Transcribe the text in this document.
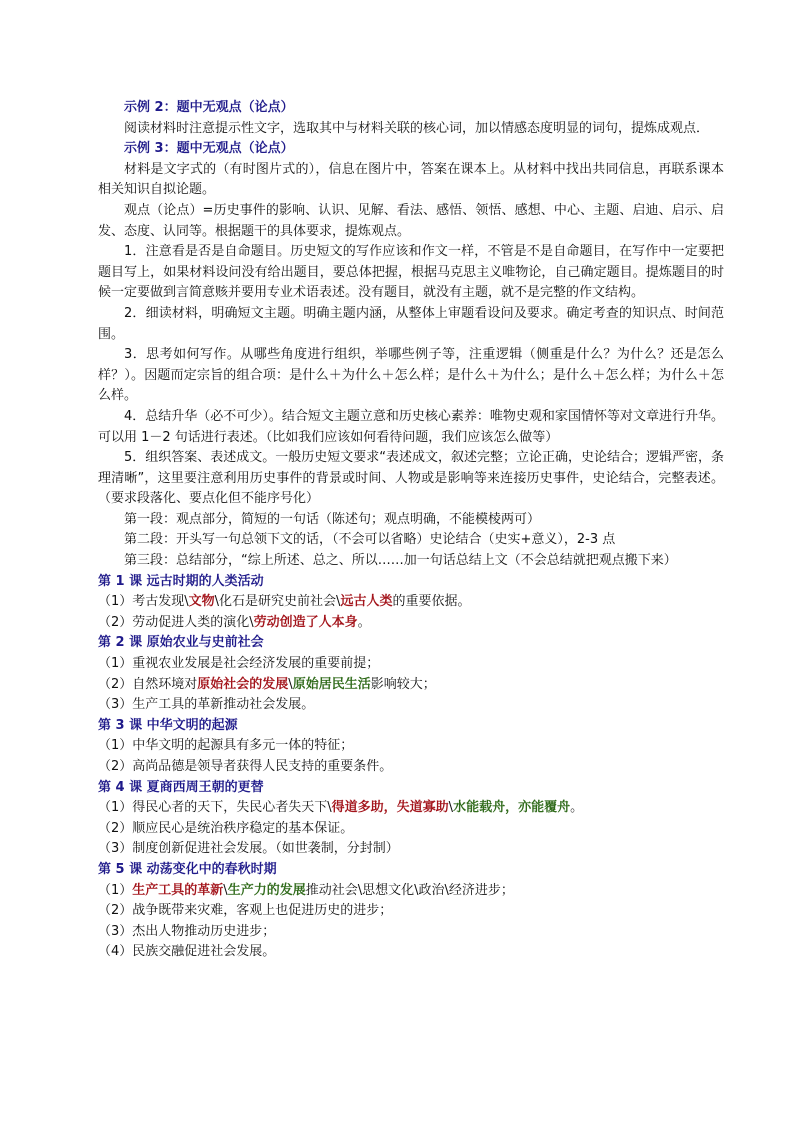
示例 2：题中无观点（论点）

阅读材料时注意提示性文字，选取其中与材料关联的核心词，加以情感态度明显的词句，提炼成观点．

示例 3：题中无观点（论点）

材料是文字式的（有时图片式的），信息在图片中，答案在课本上。从材料中找出共同信息，再联系课本相关知识自拟论题。

观点（论点）=历史事件的影响、认识、见解、看法、感悟、领悟、感想、中心、主题、启迪、启示、启发、态度、认同等。根据题干的具体要求，提炼观点。

1．注意看是否是自命题目。历史短文的写作应该和作文一样，不管是不是自命题目，在写作中一定要把题目写上，如果材料设问没有给出题目，要总体把握，根据马克思主义唯物论，自己确定题目。提炼题目的时候一定要做到言简意赅并要用专业术语表述。没有题目，就没有主题，就不是完整的作文结构。

2．细读材料，明确短文主题。明确主题内涵，从整体上审题看设问及要求。确定考查的知识点、时间范围。

3．思考如何写作。从哪些角度进行组织，举哪些例子等，注重逻辑（侧重是什么？为什么？还是怎么样？）。因题而定宗旨的组合项：是什么＋为什么＋怎么样；是什么＋为什么；是什么＋怎么样；为什么＋怎么样。

4．总结升华（必不可少）。结合短文主题立意和历史核心素养：唯物史观和家国情怀等对文章进行升华。可以用 1－2 句话进行表述。（比如我们应该如何看待问题，我们应该怎么做等）

5．组织答案、表述成文。一般历史短文要求“表述成文，叙述完整；立论正确，史论结合；逻辑严密，条理清晰”，这里要注意利用历史事件的背景或时间、人物或是影响等来连接历史事件，史论结合，完整表述。（要求段落化、要点化但不能序号化）

第一段：观点部分，简短的一句话（陈述句；观点明确，不能模棱两可）

第二段：开头写一句总领下文的话，（不会可以省略）史论结合（史实+意义），2-3 点

第三段：总结部分，“综上所述、总之、所以……加一句话总结上文（不会总结就把观点搬下来）

第 1 课 远古时期的人类活动

（1）考古发现\文物\化石是研究史前社会\远古人类的重要依据。

（2）劳动促进人类的演化\劳动创造了人本身。

第 2 课 原始农业与史前社会

（1）重视农业发展是社会经济发展的重要前提；

（2）自然环境对原始社会的发展\原始居民生活影响较大；

（3）生产工具的革新推动社会发展。

第 3 课 中华文明的起源

（1）中华文明的起源具有多元一体的特征；

（2）高尚品德是领导者获得人民支持的重要条件。

第 4 课 夏商西周王朝的更替

（1）得民心者的天下，失民心者失天下\得道多助，失道寡助\水能载舟，亦能覆舟。

（2）顺应民心是统治秩序稳定的基本保证。

（3）制度创新促进社会发展。（如世袭制，分封制）

第 5 课 动荡变化中的春秋时期

（1）生产工具的革新\生产力的发展推动社会\思想文化\政治\经济进步；

（2）战争既带来灾难，客观上也促进历史的进步；

（3）杰出人物推动历史进步；

（4）民族交融促进社会发展。
